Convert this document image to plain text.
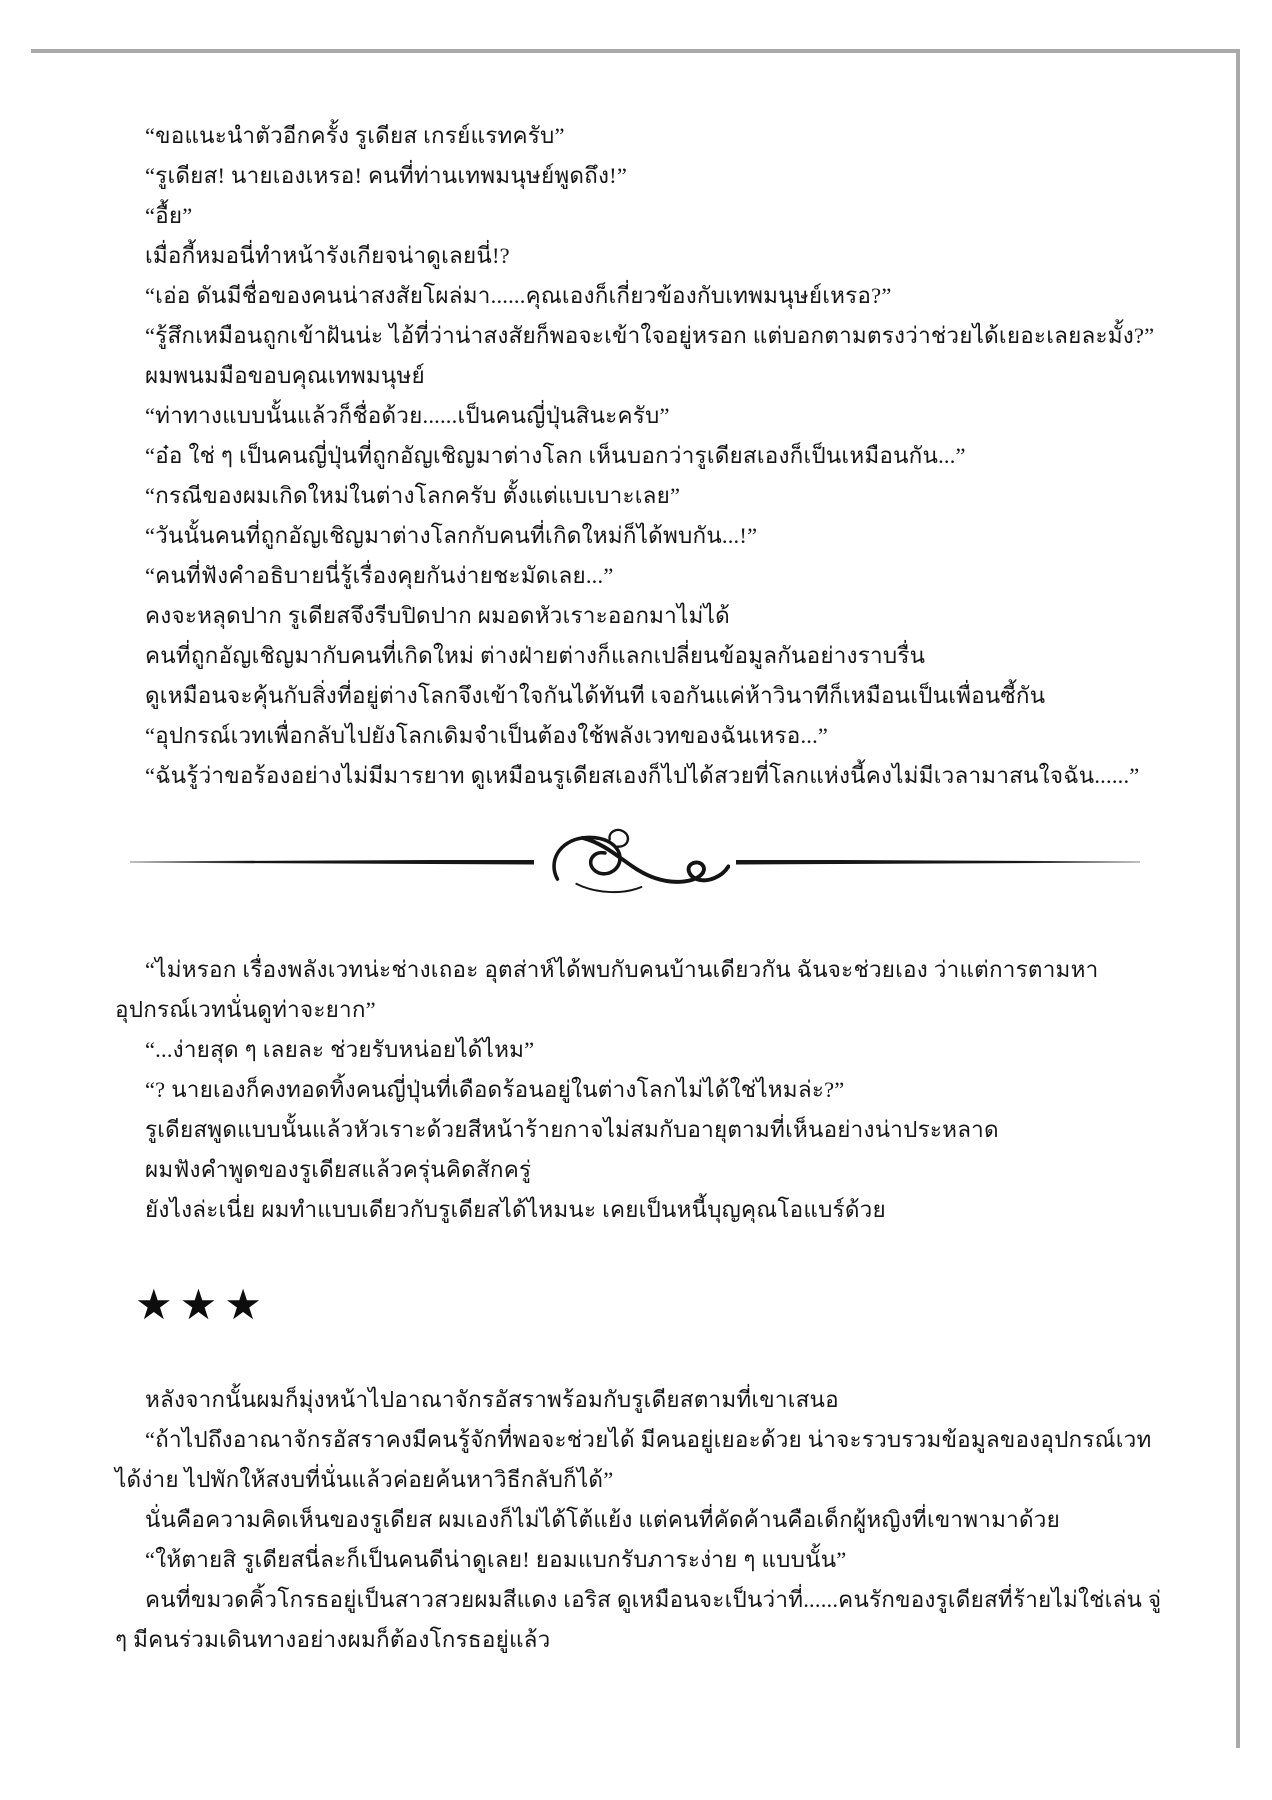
“ขอแนะนำตัวอีกครั้ง รูเดียส เกรย์แรทครับ”

“รูเดียส! นายเองเหรอ! คนที่ท่านเทพมนุษย์พูดถึง!”

“อื้ย”

เมื่อกี้หมอนี่ทำหน้ารังเกียจน่าดูเลยนี่!?

“เอ่อ ดันมีชื่อของคนน่าสงสัยโผล่มา......คุณเองก็เกี่ยวข้องกับเทพมนุษย์เหรอ?”

“รู้สึกเหมือนถูกเข้าฝันน่ะ ไอ้ที่ว่าน่าสงสัยก็พอจะเข้าใจอยู่หรอก แต่บอกตามตรงว่าช่วยได้เยอะเลยละมั้ง?”

ผมพนมมือขอบคุณเทพมนุษย์

“ท่าทางแบบนั้นแล้วก็ชื่อด้วย......เป็นคนญี่ปุ่นสินะครับ”

“อ๋อ ใช่ ๆ เป็นคนญี่ปุ่นที่ถูกอัญเชิญมาต่างโลก เห็นบอกว่ารูเดียสเองก็เป็นเหมือนกัน...”

“กรณีของผมเกิดใหม่ในต่างโลกครับ ตั้งแต่แบเบาะเลย”

“วันนั้นคนที่ถูกอัญเชิญมาต่างโลกกับคนที่เกิดใหม่ก็ได้พบกัน...!”

“คนที่ฟังคำอธิบายนี่รู้เรื่องคุยกันง่ายชะมัดเลย...”

คงจะหลุดปาก รูเดียสจึงรีบปิดปาก ผมอดหัวเราะออกมาไม่ได้

คนที่ถูกอัญเชิญมากับคนที่เกิดใหม่ ต่างฝ่ายต่างก็แลกเปลี่ยนข้อมูลกันอย่างราบรื่น

ดูเหมือนจะคุ้นกับสิ่งที่อยู่ต่างโลกจึงเข้าใจกันได้ทันที เจอกันแค่ห้าวินาทีก็เหมือนเป็นเพื่อนซี้กัน

“อุปกรณ์เวทเพื่อกลับไปยังโลกเดิมจำเป็นต้องใช้พลังเวทของฉันเหรอ...”

“ฉันรู้ว่าขอร้องอย่างไม่มีมารยาท ดูเหมือนรูเดียสเองก็ไปได้สวยที่โลกแห่งนี้คงไม่มีเวลามาสนใจฉัน......”

“ไม่หรอก เรื่องพลังเวทน่ะช่างเถอะ อุตส่าห์ได้พบกับคนบ้านเดียวกัน ฉันจะช่วยเอง ว่าแต่การตามหาอุปกรณ์เวทนั่นดูท่าจะยาก”

“...ง่ายสุด ๆ เลยละ ช่วยรับหน่อยได้ไหม”

“? นายเองก็คงทอดทิ้งคนญี่ปุ่นที่เดือดร้อนอยู่ในต่างโลกไม่ได้ใช่ไหมล่ะ?”

รูเดียสพูดแบบนั้นแล้วหัวเราะด้วยสีหน้าร้ายกาจไม่สมกับอายุตามที่เห็นอย่างน่าประหลาด

ผมฟังคำพูดของรูเดียสแล้วครุ่นคิดสักครู่

ยังไงล่ะเนี่ย ผมทำแบบเดียวกับรูเดียสได้ไหมนะ เคยเป็นหนี้บุญคุณโอแบร์ด้วย

★★★

หลังจากนั้นผมก็มุ่งหน้าไปอาณาจักรอัสราพร้อมกับรูเดียสตามที่เขาเสนอ

“ถ้าไปถึงอาณาจักรอัสราคงมีคนรู้จักที่พอจะช่วยได้ มีคนอยู่เยอะด้วย น่าจะรวบรวมข้อมูลของอุปกรณ์เวทได้ง่าย ไปพักให้สงบที่นั่นแล้วค่อยค้นหาวิธีกลับก็ได้”

นั่นคือความคิดเห็นของรูเดียส ผมเองก็ไม่ได้โต้แย้ง แต่คนที่คัดค้านคือเด็กผู้หญิงที่เขาพามาด้วย

“ให้ตายสิ รูเดียสนี่ละก็เป็นคนดีน่าดูเลย! ยอมแบกรับภาระง่าย ๆ แบบนั้น”

คนที่ขมวดคิ้วโกรธอยู่เป็นสาวสวยผมสีแดง เอริส ดูเหมือนจะเป็นว่าที่......คนรักของรูเดียสที่ร้ายไม่ใช่เล่น จู่ ๆ มีคนร่วมเดินทางอย่างผมก็ต้องโกรธอยู่แล้ว
